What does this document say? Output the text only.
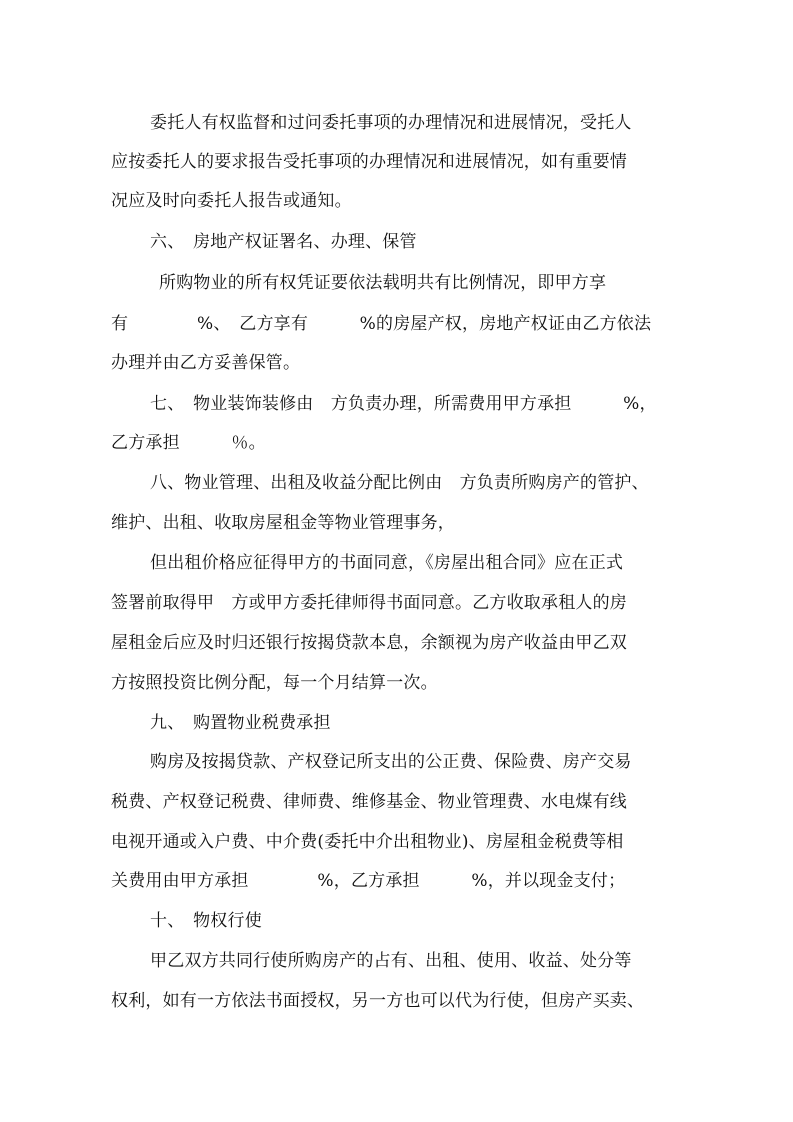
委托人有权监督和过问委托事项的办理情况和进展情况，受托人
应按委托人的要求报告受托事项的办理情况和进展情况，如有重要情
况应及时向委托人报告或通知。
六、　房地产权证署名、办理、保管
所购物业的所有权凭证要依法载明共有比例情况，即甲方享
有　　　　%、　乙方享有　　　%的房屋产权，房地产权证由乙方依法
办理并由乙方妥善保管。
七、　物业装饰装修由　方负责办理，所需费用甲方承担　　　%，
乙方承担　　　％。
八、物业管理、出租及收益分配比例由　方负责所购房产的管护、
维护、出租、收取房屋租金等物业管理事务，
但出租价格应征得甲方的书面同意，《房屋出租合同》应在正式
签署前取得甲　方或甲方委托律师得书面同意。乙方收取承租人的房
屋租金后应及时归还银行按揭贷款本息，余额视为房产收益由甲乙双
方按照投资比例分配，每一个月结算一次。
九、　购置物业税费承担
购房及按揭贷款、产权登记所支出的公正费、保险费、房产交易
税费、产权登记税费、律师费、维修基金、物业管理费、水电煤有线
电视开通或入户费、中介费(委托中介出租物业)、房屋租金税费等相
关费用由甲方承担　　　　%，乙方承担　　　%，并以现金支付；
十、　物权行使
甲乙双方共同行使所购房产的占有、出租、使用、收益、处分等
权利，如有一方依法书面授权，另一方也可以代为行使，但房产买卖、
